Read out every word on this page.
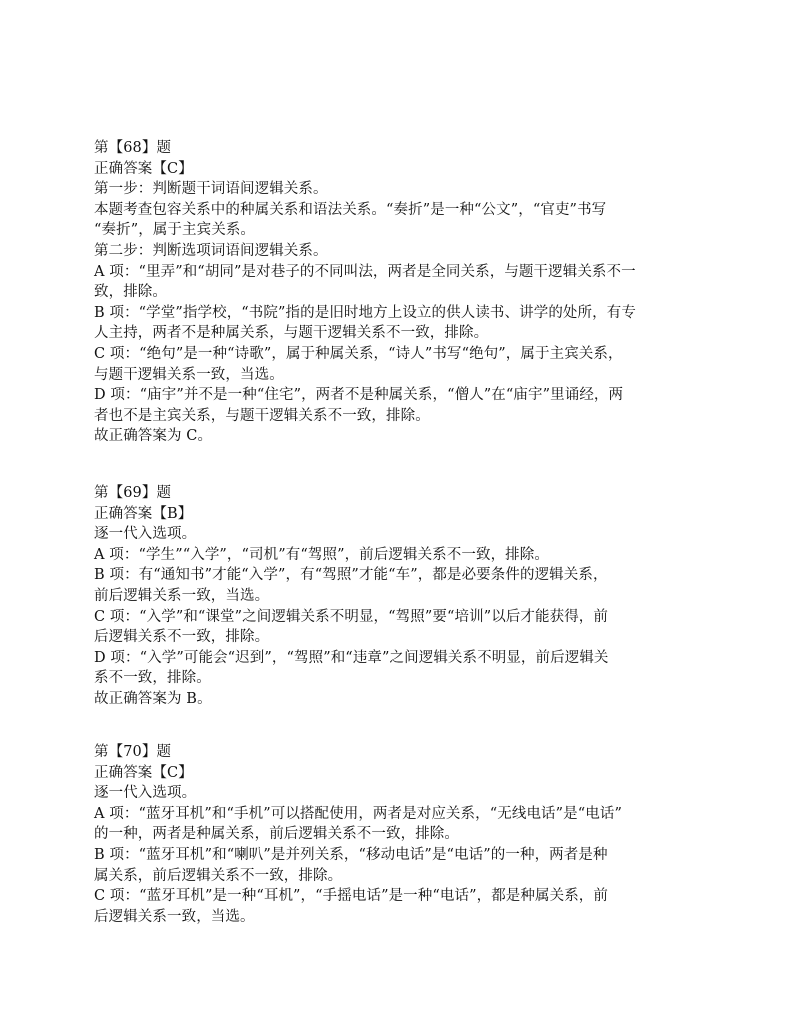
第【68】题
正确答案【C】
第一步：判断题干词语间逻辑关系。
本题考查包容关系中的种属关系和语法关系。“奏折”是一种“公文”，“官吏”书写
“奏折”，属于主宾关系。
第二步：判断选项词语间逻辑关系。
A 项：“里弄”和“胡同”是对巷子的不同叫法，两者是全同关系，与题干逻辑关系不一
致，排除。
B 项：“学堂”指学校，“书院”指的是旧时地方上设立的供人读书、讲学的处所，有专
人主持，两者不是种属关系，与题干逻辑关系不一致，排除。
C 项：“绝句”是一种“诗歌”，属于种属关系，“诗人”书写“绝句”，属于主宾关系，
与题干逻辑关系一致，当选。
D 项：“庙宇”并不是一种“住宅”，两者不是种属关系，“僧人”在“庙宇”里诵经，两
者也不是主宾关系，与题干逻辑关系不一致，排除。
故正确答案为 C。
第【69】题
正确答案【B】
逐一代入选项。
A 项：“学生”“入学”，“司机”有“驾照”，前后逻辑关系不一致，排除。
B 项：有“通知书”才能“入学”，有“驾照”才能“车”，都是必要条件的逻辑关系，
前后逻辑关系一致，当选。
C 项：“入学”和“课堂”之间逻辑关系不明显，“驾照”要“培训”以后才能获得，前
后逻辑关系不一致，排除。
D 项：“入学”可能会“迟到”，“驾照”和“违章”之间逻辑关系不明显，前后逻辑关
系不一致，排除。
故正确答案为 B。
第【70】题
正确答案【C】
逐一代入选项。
A 项：“蓝牙耳机”和“手机”可以搭配使用，两者是对应关系，“无线电话”是“电话”
的一种，两者是种属关系，前后逻辑关系不一致，排除。
B 项：“蓝牙耳机”和“喇叭”是并列关系，“移动电话”是“电话”的一种，两者是种
属关系，前后逻辑关系不一致，排除。
C 项：“蓝牙耳机”是一种“耳机”，“手摇电话”是一种“电话”，都是种属关系，前
后逻辑关系一致，当选。
